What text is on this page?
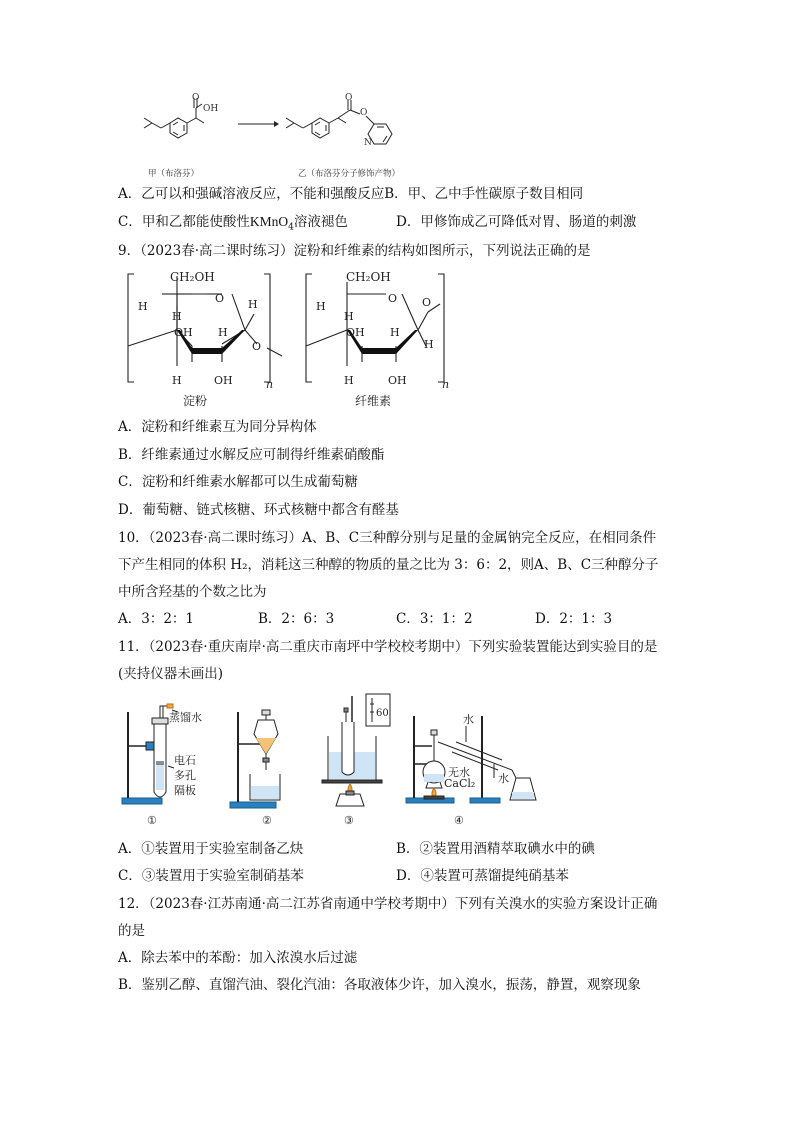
OH
O	O
O
N
甲（布洛芬）	乙（布洛芬分子修饰产物）
A．乙可以和强碱溶液反应，不能和强酸反应B．甲、乙中手性碳原子数目相同
C．甲和乙都能使酸性KMnO$_4$溶液褪色	D．甲修饰成乙可降低对胃、肠道的刺激
9．（2023春·高二课时练习）淀粉和纤维素的结构如图所示，下列说法正确的是
CH₂OH
O
H	H
H
OH H
O
H	OH	n
淀粉
CH₂OH
O O
H
H
OH H
H
H	OH	n
纤维素
A．淀粉和纤维素互为同分异构体
B．纤维素通过水解反应可制得纤维素硝酸酯
C．淀粉和纤维素水解都可以生成葡萄糖
D．葡萄糖、链式核糖、环式核糖中都含有醛基
10．（2023春·高二课时练习）A、B、C三种醇分别与足量的金属钠完全反应，在相同条件
下产生相同的体积 H₂，消耗这三种醇的物质的量之比为 3：6：2，则A、B、C三种醇分子
中所含羟基的个数之比为
A．3：2：1	B．2：6：3	C．3：1：2	D．2：1：3
11．（2023春·重庆南岸·高二重庆市南坪中学校校考期中）下列实验装置能达到实验目的是
(夹持仪器未画出)
蒸馏水
电石
多孔
隔板
①	②
60
③
水
无水
CaCl₂ 水
④
A．①装置用于实验室制备乙炔	B．②装置用酒精萃取碘水中的碘
C．③装置用于实验室制硝基苯	D．④装置可蒸馏提纯硝基苯
12．（2023春·江苏南通·高二江苏省南通中学校考期中）下列有关溴水的实验方案设计正确
的是
A．除去苯中的苯酚：加入浓溴水后过滤
B．鉴别乙醇、直馏汽油、裂化汽油：各取液体少许，加入溴水，振荡，静置，观察现象
